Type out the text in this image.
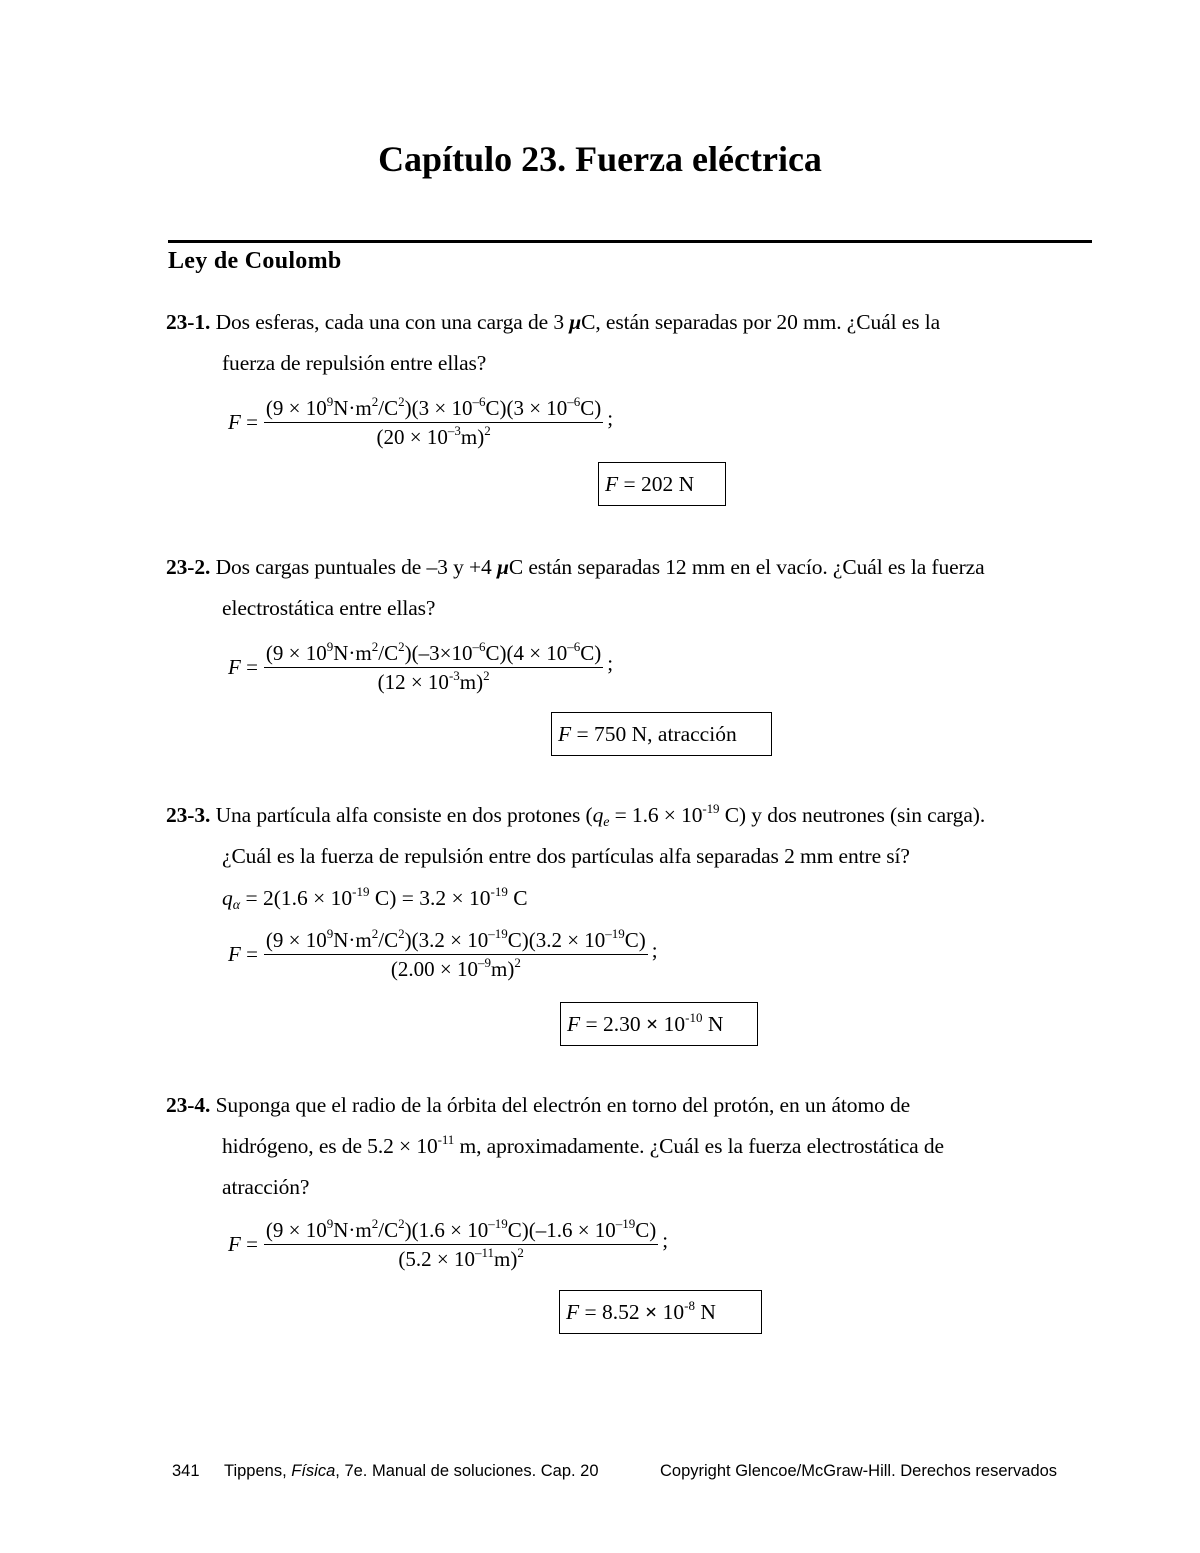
Capítulo 23. Fuerza eléctrica
Ley de Coulomb

23-1. Dos esferas, cada una con una carga de 3 μC, están separadas por 20 mm. ¿Cuál es la
fuerza de repulsión entre ellas?

$F = \frac{(9 \times 10^9N\cdot m^2/C^2)(3 \times 10^{-6}C)(3 \times 10^{-6}C)}{(20 \times 10^{-3}m)^2}$ ;
F = 202 N

23-2. Dos cargas puntuales de –3 y +4 μC están separadas 12 mm en el vacío. ¿Cuál es la fuerza
electrostática entre ellas?

$F = \frac{(9 \times 10^9N\cdot m^2/C^2)(-3\times 10^{-6}C)(4 \times 10^{-6}C)}{(12 \times 10^{-3}m)^2}$ ;
F = 750 N, atracción

23-3. Una partícula alfa consiste en dos protones ($q_e = 1.6 \times 10^{-19}$ C) y dos neutrones (sin carga).
¿Cuál es la fuerza de repulsión entre dos partículas alfa separadas 2 mm entre sí?

$q_\alpha = 2(1.6 \times 10^{-19}$ $C) = 3.2 \times 10^{-19}$ C
$F = \frac{(9 \times 10^9N\cdot m^2/C^2)(3.2 \times 10^{-19}C)(3.2 \times 10^{-19}C)}{(2.00 \times 10^{-9}m)^2}$ ;
$F = 2.30 \times 10^{-10}$ N

23-4. Suponga que el radio de la órbita del electrón en torno del protón, en un átomo de
hidrógeno, es de $5.2 \times 10^{-11}$ m, aproximadamente. ¿Cuál es la fuerza electrostática de
atracción?

$F = \frac{(9 \times 10^9N\cdot m^2/C^2)(1.6 \times 10^{-19}C)(-1.6 \times 10^{-19}C)}{(5.2 \times 10^{-11}m)^2}$ ;
$F = 8.52 \times 10^{-8}$ N
341 Tippens, Física, 7e. Manual de soluciones. Cap. 20	Copyright Glencoe/McGraw-Hill. Derechos reservados
